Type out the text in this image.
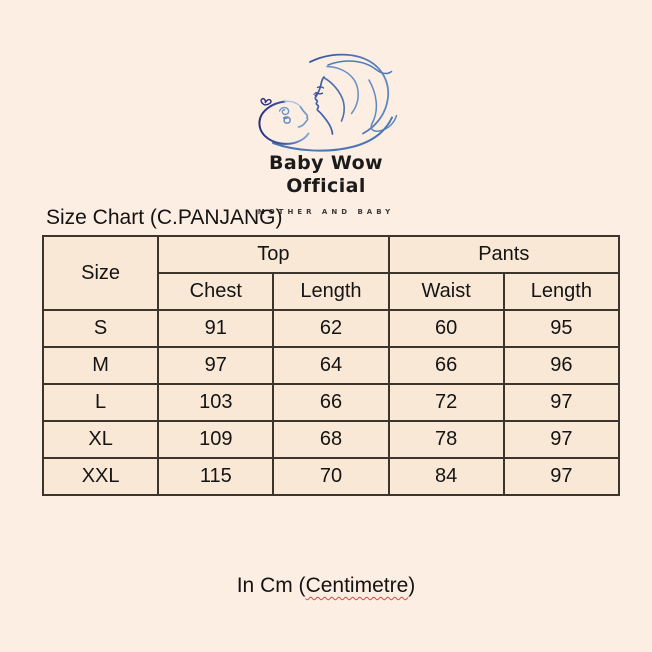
Baby Wow
Official
MOTHER AND BABY
Size Chart (C.PANJANG)
Size	Top		Pants	
	Chest	Length	Waist	Length
S	91	62	60	95
M	97	64	66	96
L	103	66	72	97
XL	109	68	78	97
XXL	115	70	84	97
In Cm (Centimetre)
